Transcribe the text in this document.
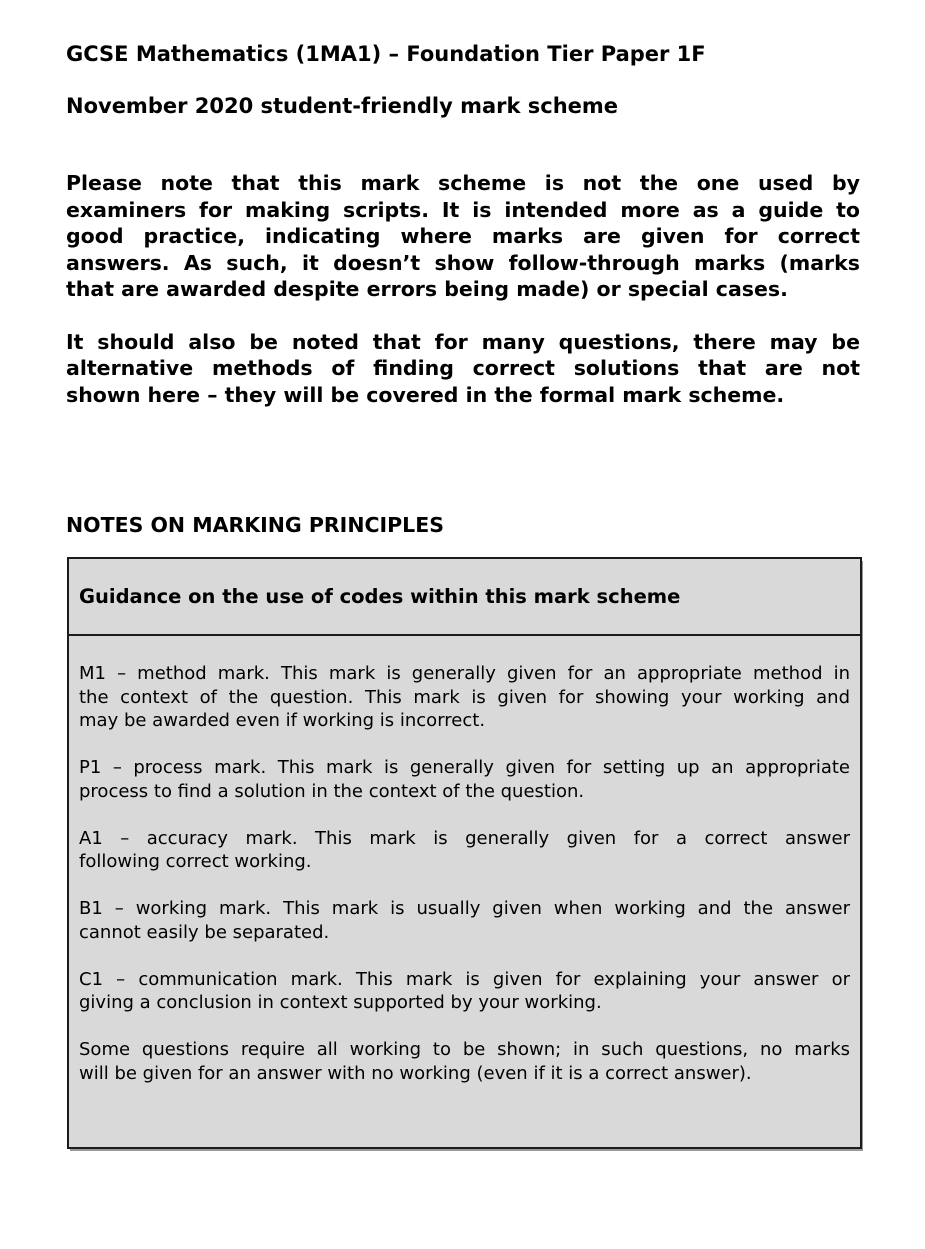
GCSE Mathematics (1MA1) – Foundation Tier Paper 1F
November 2020 student-friendly mark scheme
Please note that this mark scheme is not the one used by
examiners for making scripts. It is intended more as a guide to
good practice, indicating where marks are given for correct
answers. As such, it doesn’t show follow-through marks (marks
that are awarded despite errors being made) or special cases.
It should also be noted that for many questions, there may be
alternative methods of finding correct solutions that are not
shown here – they will be covered in the formal mark scheme.
NOTES ON MARKING PRINCIPLES
Guidance on the use of codes within this mark scheme
M1 – method mark. This mark is generally given for an appropriate method in
the context of the question. This mark is given for showing your working and
may be awarded even if working is incorrect.
P1 – process mark. This mark is generally given for setting up an appropriate
process to find a solution in the context of the question.
A1 – accuracy mark. This mark is generally given for a correct answer
following correct working.
B1 – working mark. This mark is usually given when working and the answer
cannot easily be separated.
C1 – communication mark. This mark is given for explaining your answer or
giving a conclusion in context supported by your working.
Some questions require all working to be shown; in such questions, no marks
will be given for an answer with no working (even if it is a correct answer).
